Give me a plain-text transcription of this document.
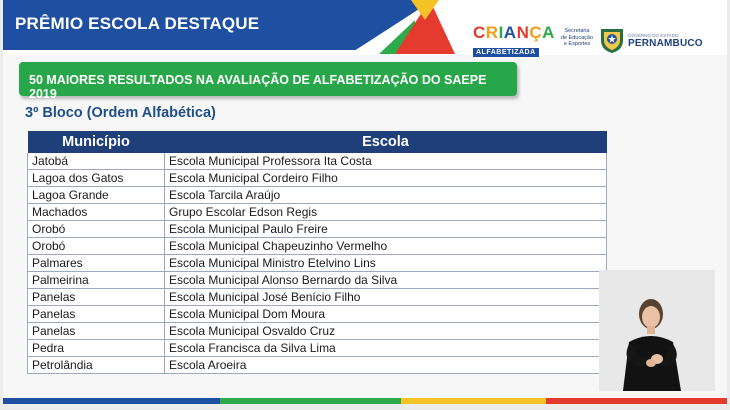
PRÊMIO ESCOLA DESTAQUE	CRIANÇA
ALFABETIZADA
Secretaria
de Educação
e Esportes
GOVERNO DO ESTADO
PERNAMBUCO
50 MAIORES RESULTADOS NA AVALIAÇÃO DE ALFABETIZAÇÃO DO SAEPE 2019
3º Bloco (Ordem Alfabética)
Município	Escola
Jatobá	Escola Municipal Professora Ita Costa
Lagoa dos Gatos	Escola Municipal Cordeiro Filho
Lagoa Grande	Escola Tarcila Araújo
Machados	Grupo Escolar Edson Regis
Orobó	Escola Municipal Paulo Freire
Orobó	Escola Municipal Chapeuzinho Vermelho
Palmares	Escola Municipal Ministro Etelvino Lins
Palmeirina	Escola Municipal Alonso Bernardo da Silva
Panelas	Escola Municipal José Benício Filho
Panelas	Escola Municipal Dom Moura
Panelas	Escola Municipal Osvaldo Cruz
Pedra	Escola Francisca da Silva Lima
Petrolândia	Escola Aroeira
